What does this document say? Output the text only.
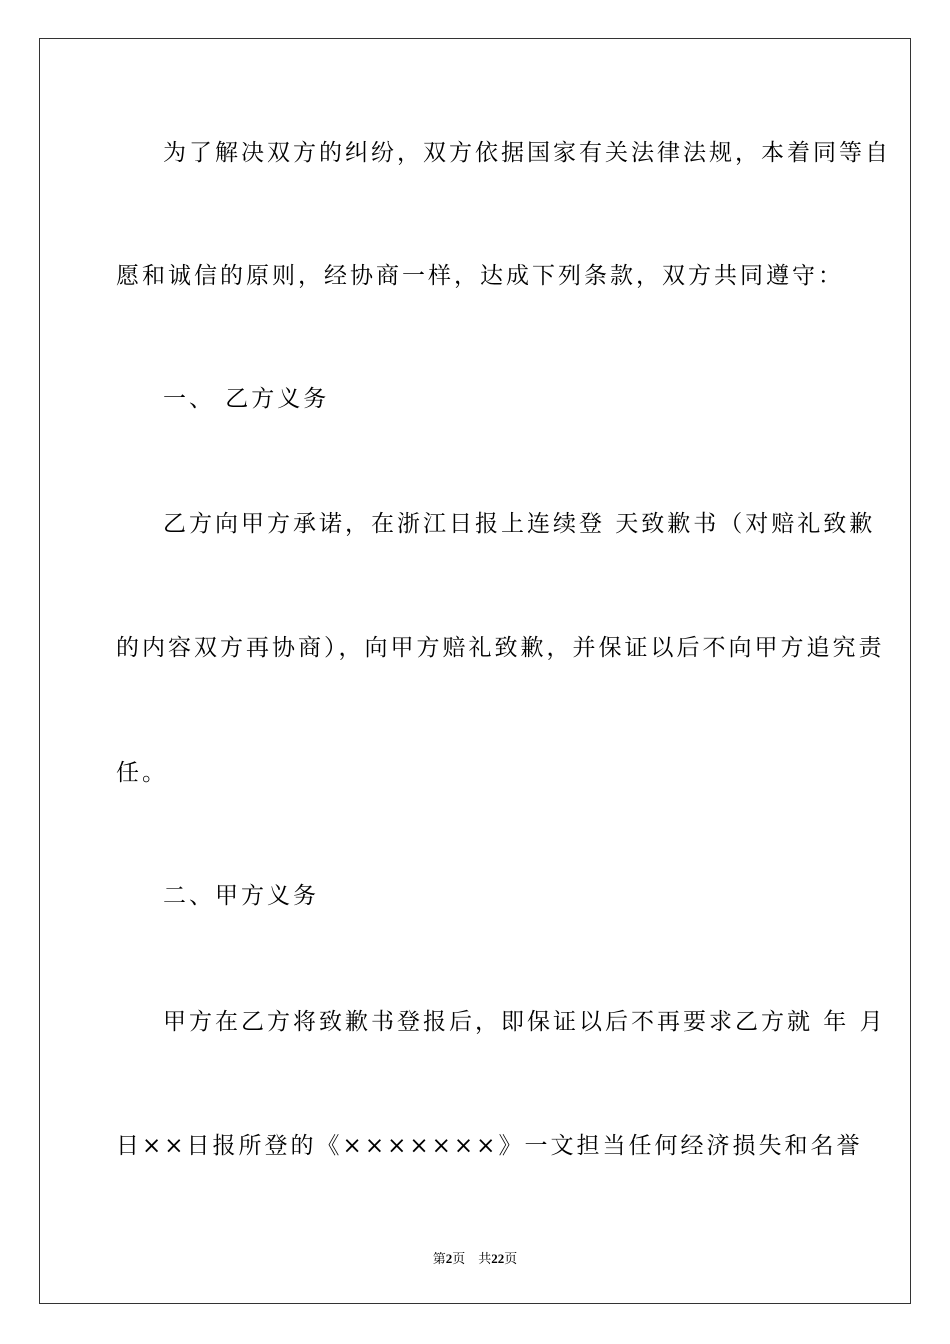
为了解决双方的纠纷，双方依据国家有关法律法规，本着同等自
愿和诚信的原则，经协商一样，达成下列条款，双方共同遵守：
一、 乙方义务
乙方向甲方承诺，在浙江日报上连续登 天致歉书（对赔礼致歉
的内容双方再协商），向甲方赔礼致歉，并保证以后不向甲方追究责
任。
二、甲方义务
甲方在乙方将致歉书登报后，即保证以后不再要求乙方就 年 月
日××日报所登的《×××××××》一文担当任何经济损失和名誉
第2页 共22页
